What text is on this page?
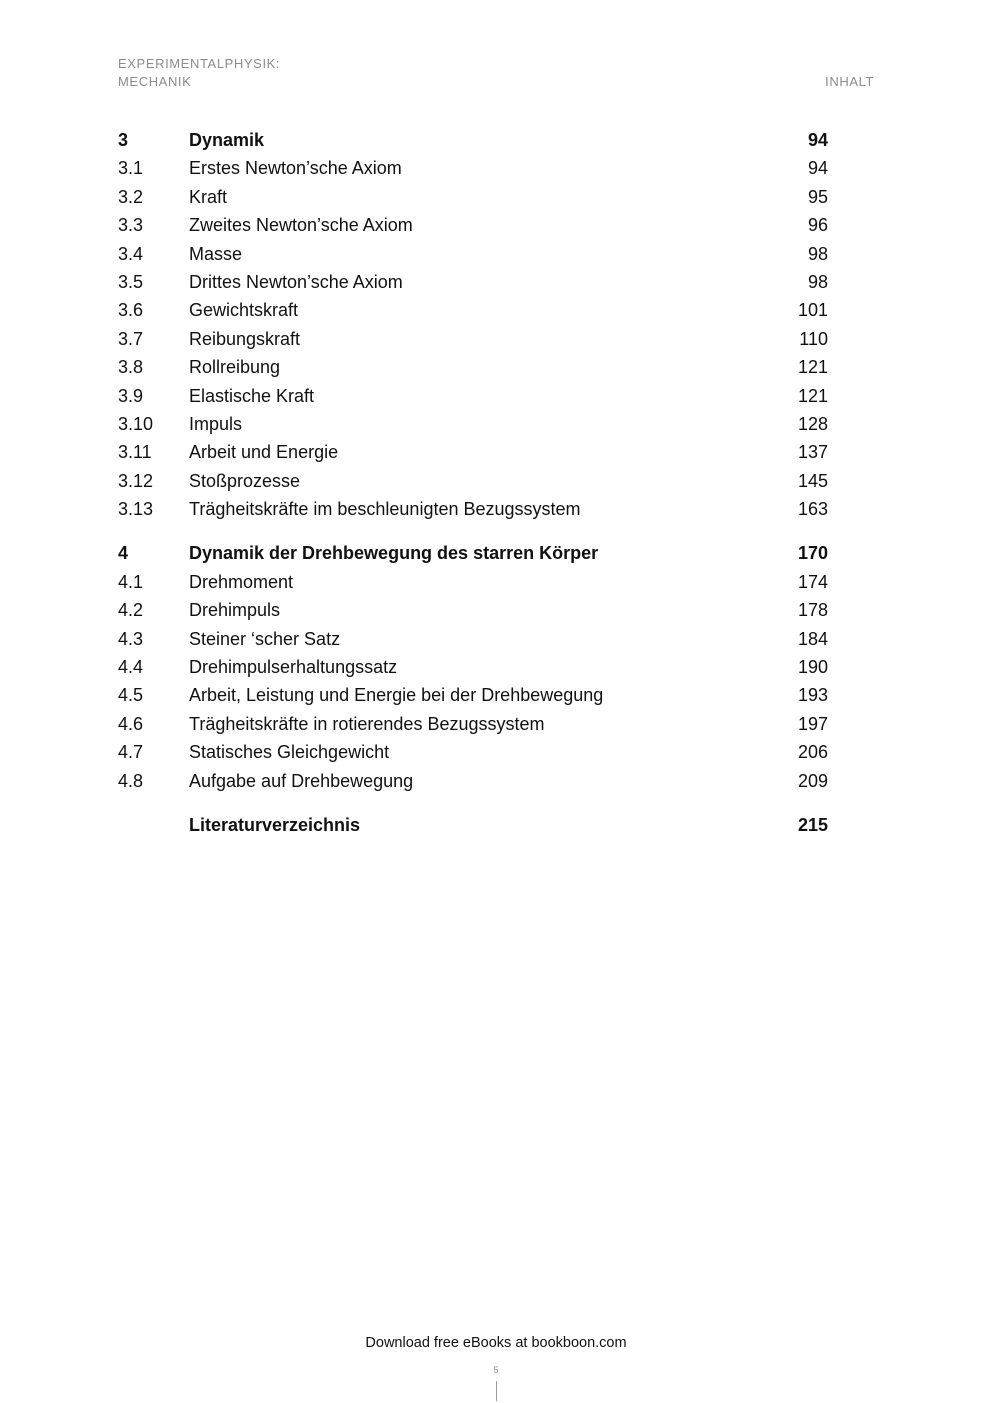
EXPERIMENTALPHYSIK:
MECHANIK	INHALT
3	Dynamik	94
3.1	Erstes Newton’sche Axiom	94
3.2	Kraft	95
3.3	Zweites Newton’sche Axiom	96
3.4	Masse	98
3.5	Drittes Newton’sche Axiom	98
3.6	Gewichtskraft	101
3.7	Reibungskraft	110
3.8	Rollreibung	121
3.9	Elastische Kraft	121
3.10 Impuls	128
3.11 Arbeit und Energie	137
3.12 Stoßprozesse	145
3.13 Trägheitskräfte im beschleunigten Bezugssystem	163
4	Dynamik der Drehbewegung des starren Körper	170
4.1	Drehmoment	174
4.2	Drehimpuls	178
4.3	Steiner ‘scher Satz	184
4.4	Drehimpulserhaltungssatz	190
4.5	Arbeit, Leistung und Energie bei der Drehbewegung	193
4.6	Trägheitskräfte in rotierendes Bezugssystem	197
4.7	Statisches Gleichgewicht	206
4.8	Aufgabe auf Drehbewegung	209
Literaturverzeichnis	215
Download free eBooks at bookboon.com
5
